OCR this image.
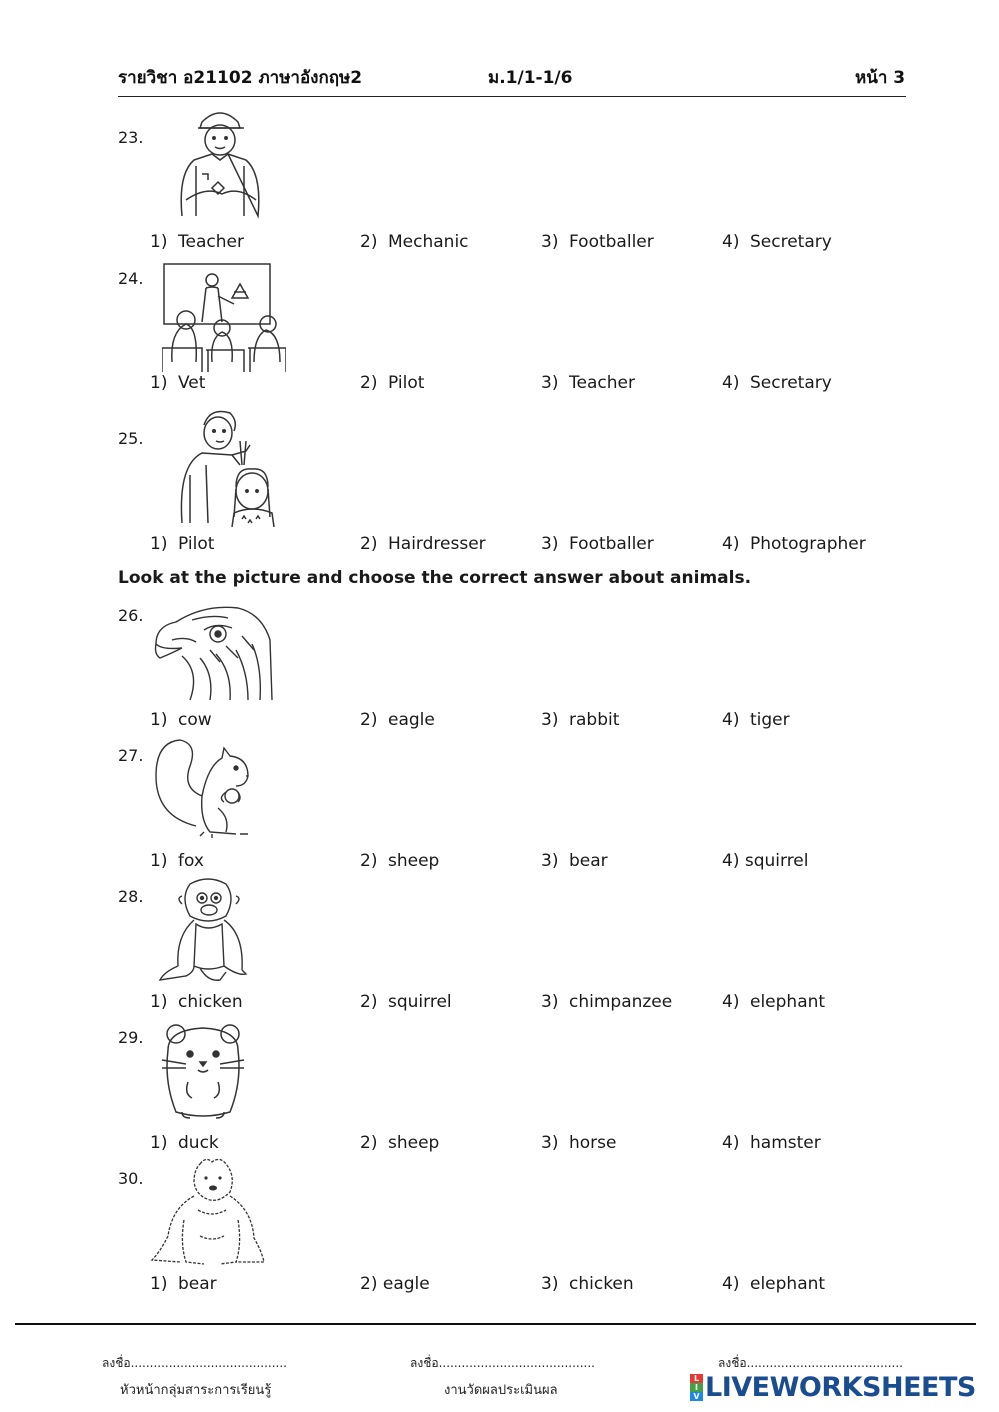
รายวิชา อ21102 ภาษาอังกฤษ2	ม.1/1-1/6	หน้า 3
23.
1) Teacher	2) Mechanic	3) Footballer	4) Secretary
24.
1) Vet	2) Pilot	3) Teacher	4) Secretary
25.
1) Pilot	2) Hairdresser	3) Footballer	4) Photographer
Look at the picture and choose the correct answer about animals.
26.
1) cow	2) eagle	3) rabbit	4) tiger
27.
1) fox	2) sheep	3) bear	4) squirrel
28.
1) chicken	2) squirrel	3) chimpanzee	4) elephant
29.
1) duck	2) sheep	3) horse	4) hamster
30.
1) bear	2) eagle	3) chicken	4) elephant
ลงชื่อ.........................................	ลงชื่อ.........................................	ลงชื่อ.........................................
หัวหน้ากลุ่มสาระการเรียนรู้	งานวัดผลประเมินผล
L
I
V LIVEWORKSHEETS
